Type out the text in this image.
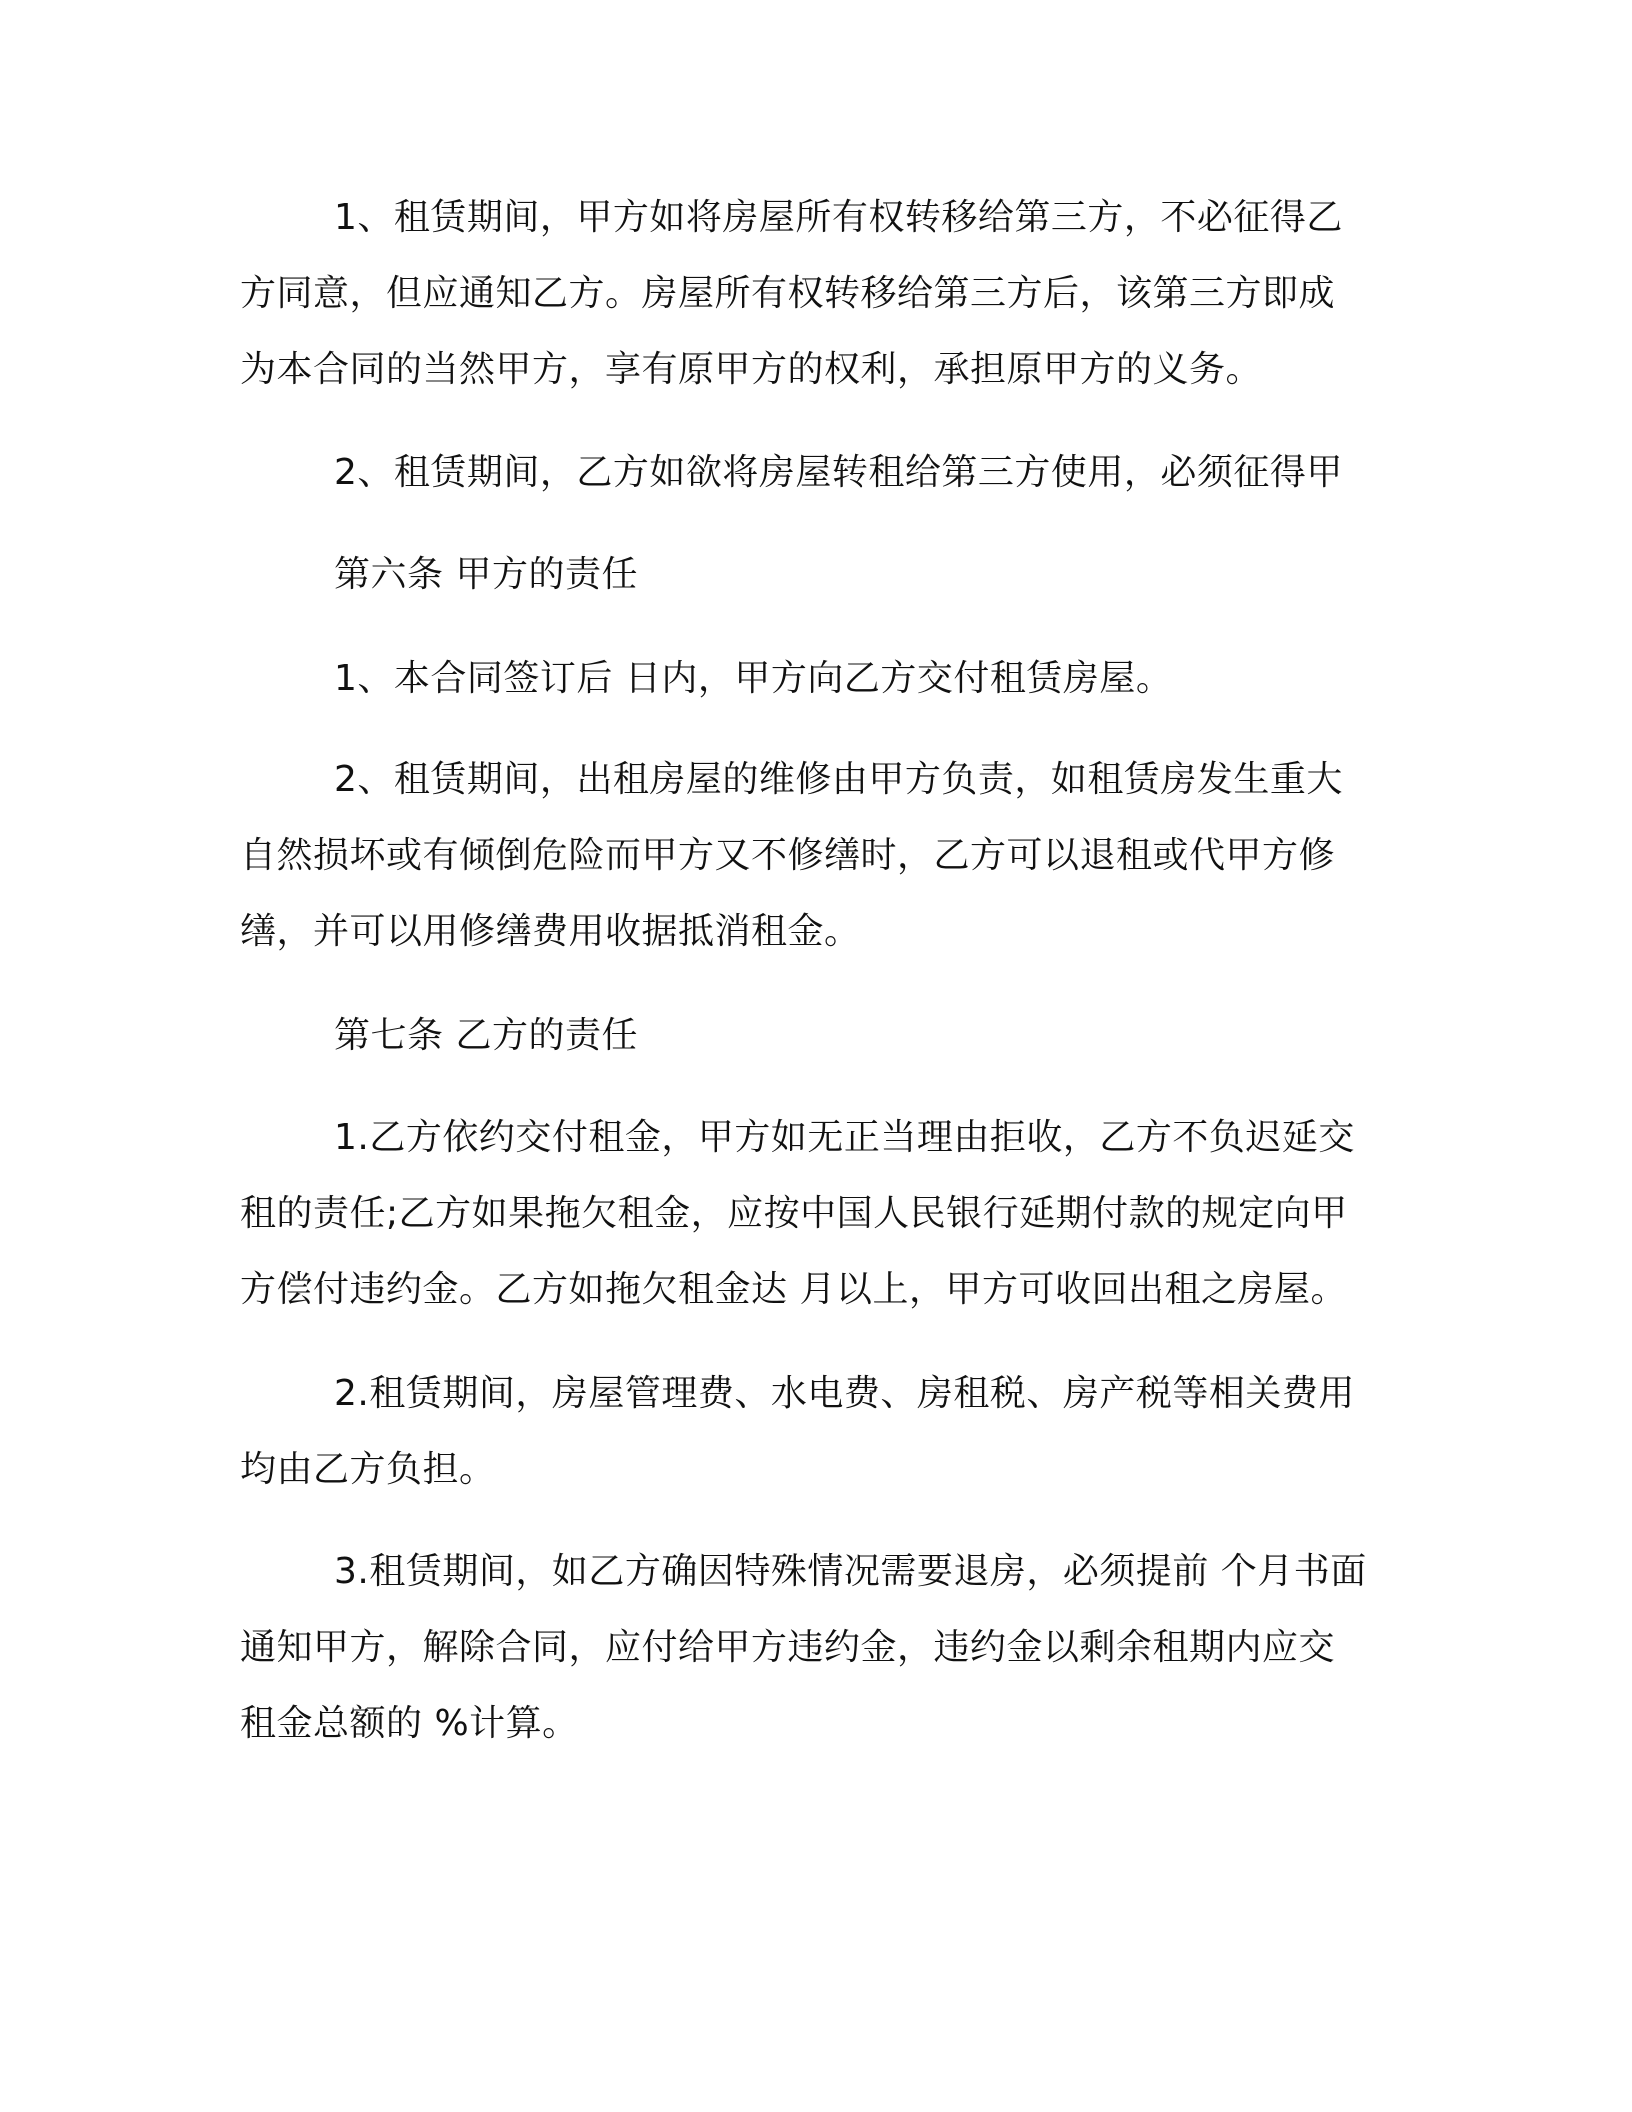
1、租赁期间，甲方如将房屋所有权转移给第三方，不必征得乙
方同意，但应通知乙方。房屋所有权转移给第三方后，该第三方即成
为本合同的当然甲方，享有原甲方的权利，承担原甲方的义务。
2、租赁期间，乙方如欲将房屋转租给第三方使用，必须征得甲
第六条 甲方的责任
1、本合同签订后 日内，甲方向乙方交付租赁房屋。
2、租赁期间，出租房屋的维修由甲方负责，如租赁房发生重大
自然损坏或有倾倒危险而甲方又不修缮时，乙方可以退租或代甲方修
缮，并可以用修缮费用收据抵消租金。
第七条 乙方的责任
1.乙方依约交付租金，甲方如无正当理由拒收，乙方不负迟延交
租的责任;乙方如果拖欠租金，应按中国人民银行延期付款的规定向甲
方偿付违约金。乙方如拖欠租金达 月以上，甲方可收回出租之房屋。
2.租赁期间，房屋管理费、水电费、房租税、房产税等相关费用
均由乙方负担。
3.租赁期间，如乙方确因特殊情况需要退房，必须提前 个月书面
通知甲方，解除合同，应付给甲方违约金，违约金以剩余租期内应交
租金总额的 %计算。
